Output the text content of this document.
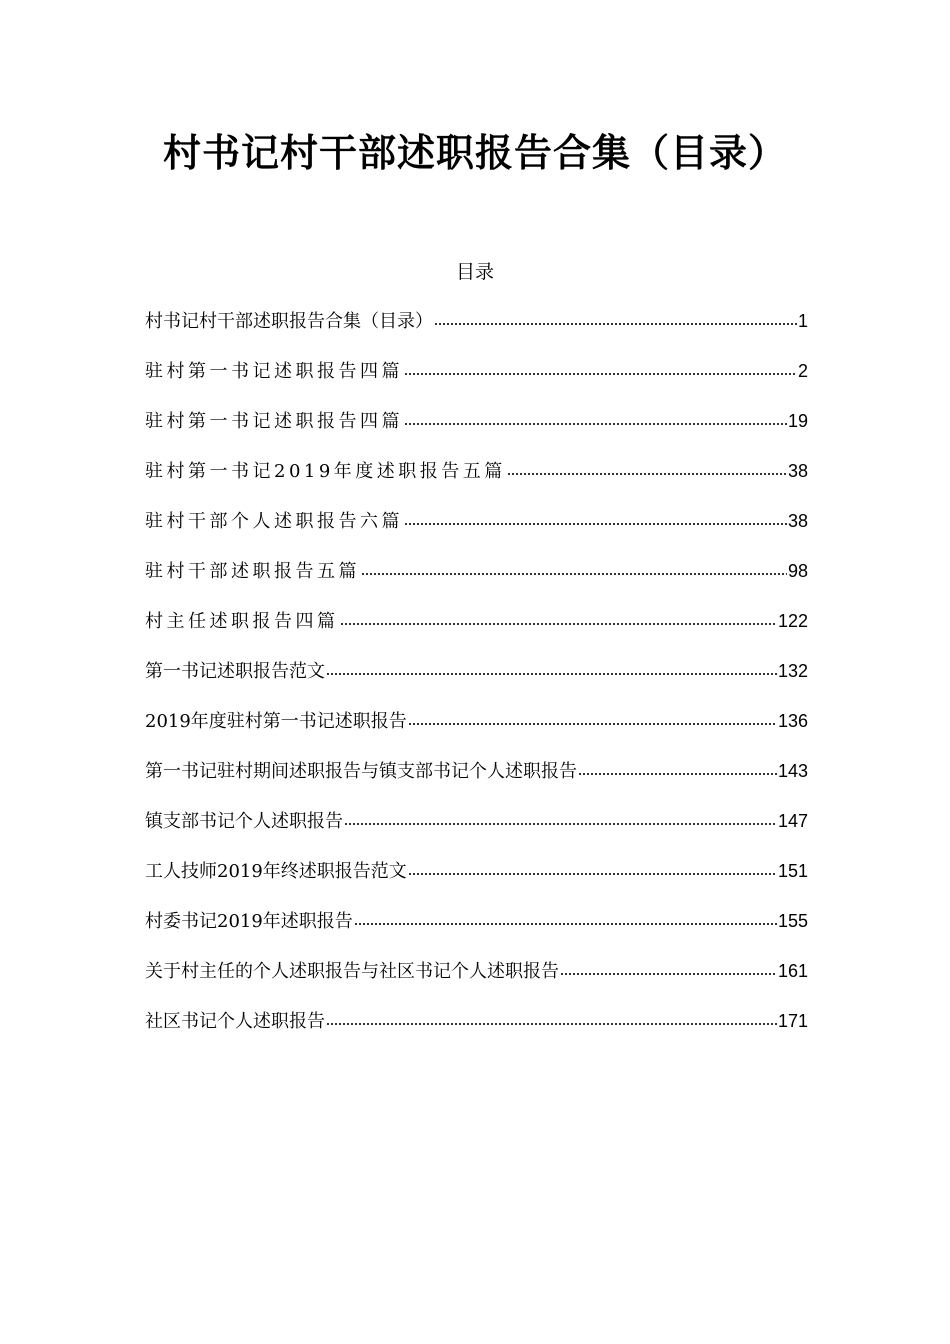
村书记村干部述职报告合集（目录）
目录
村书记村干部述职报告合集（目录）	1
驻村第一书记述职报告四篇	2
驻村第一书记述职报告四篇	19
驻村第一书记2019年度述职报告五篇	38
驻村干部个人述职报告六篇	38
驻村干部述职报告五篇	98
村主任述职报告四篇	122
第一书记述职报告范文	132
2019年度驻村第一书记述职报告	136
第一书记驻村期间述职报告与镇支部书记个人述职报告	143
镇支部书记个人述职报告	147
工人技师2019年终述职报告范文	151
村委书记2019年述职报告	155
关于村主任的个人述职报告与社区书记个人述职报告	161
社区书记个人述职报告	171
